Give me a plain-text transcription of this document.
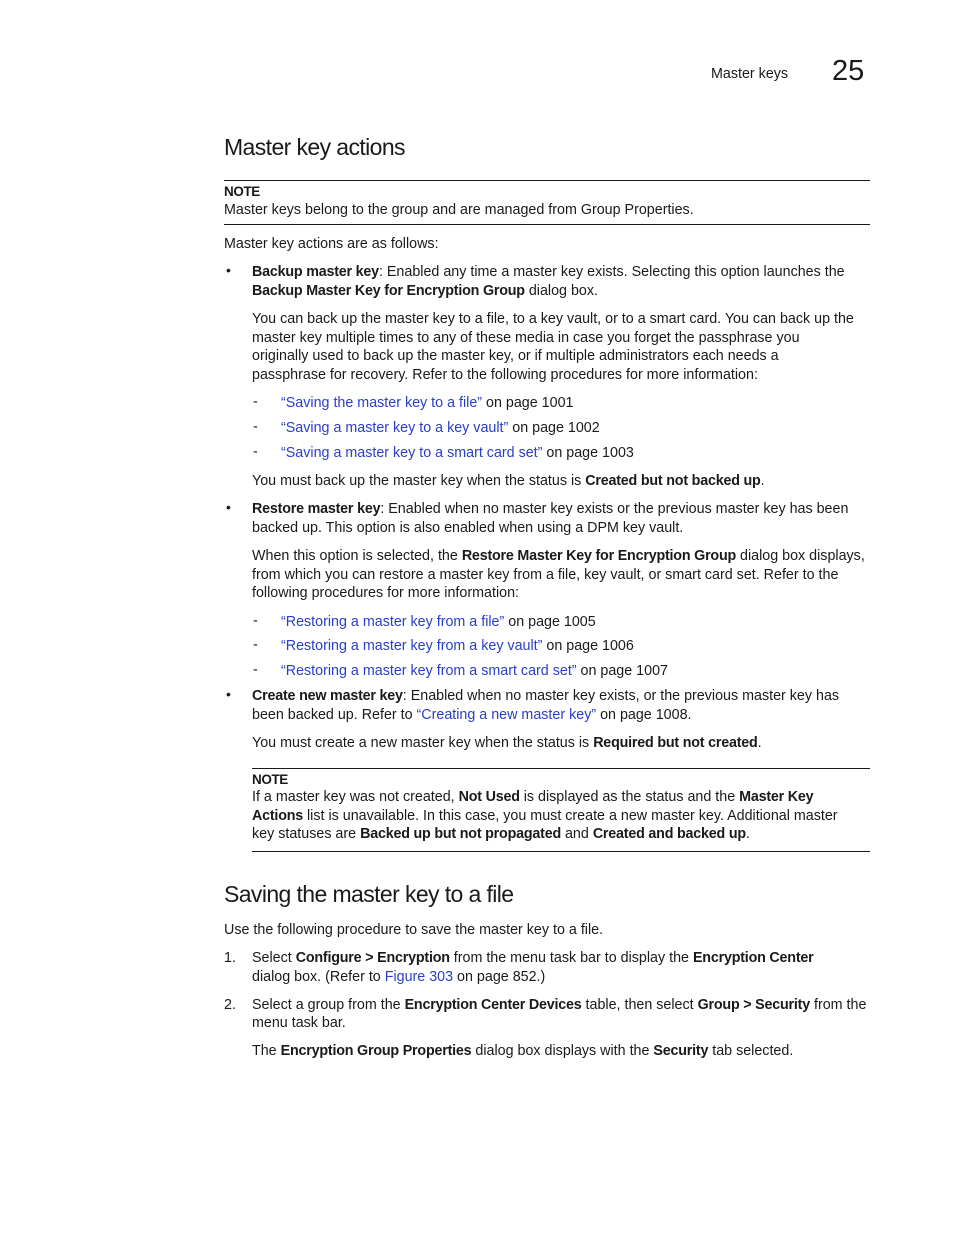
Master keys 25
Master key actions
NOTE
Master keys belong to the group and are managed from Group Properties.
Master key actions are as follows:
• Backup master key: Enabled any time a master key exists. Selecting this option launches the
Backup Master Key for Encryption Group dialog box.
You can back up the master key to a file, to a key vault, or to a smart card. You can back up the
master key multiple times to any of these media in case you forget the passphrase you
originally used to back up the master key, or if multiple administrators each needs a
passphrase for recovery. Refer to the following procedures for more information:
- “Saving the master key to a file” on page 1001
- “Saving a master key to a key vault” on page 1002
- “Saving a master key to a smart card set” on page 1003
You must back up the master key when the status is Created but not backed up.
• Restore master key: Enabled when no master key exists or the previous master key has been
backed up. This option is also enabled when using a DPM key vault.
When this option is selected, the Restore Master Key for Encryption Group dialog box displays,
from which you can restore a master key from a file, key vault, or smart card set. Refer to the
following procedures for more information:
- “Restoring a master key from a file” on page 1005
- “Restoring a master key from a key vault” on page 1006
- “Restoring a master key from a smart card set” on page 1007
• Create new master key: Enabled when no master key exists, or the previous master key has
been backed up. Refer to “Creating a new master key” on page 1008.
You must create a new master key when the status is Required but not created.
NOTE
If a master key was not created, Not Used is displayed as the status and the Master Key
Actions list is unavailable. In this case, you must create a new master key. Additional master
key statuses are Backed up but not propagated and Created and backed up.
Saving the master key to a file
Use the following procedure to save the master key to a file.
1. Select Configure > Encryption from the menu task bar to display the Encryption Center
dialog box. (Refer to Figure 303 on page 852.)
2. Select a group from the Encryption Center Devices table, then select Group > Security from the
menu task bar.
The Encryption Group Properties dialog box displays with the Security tab selected.
